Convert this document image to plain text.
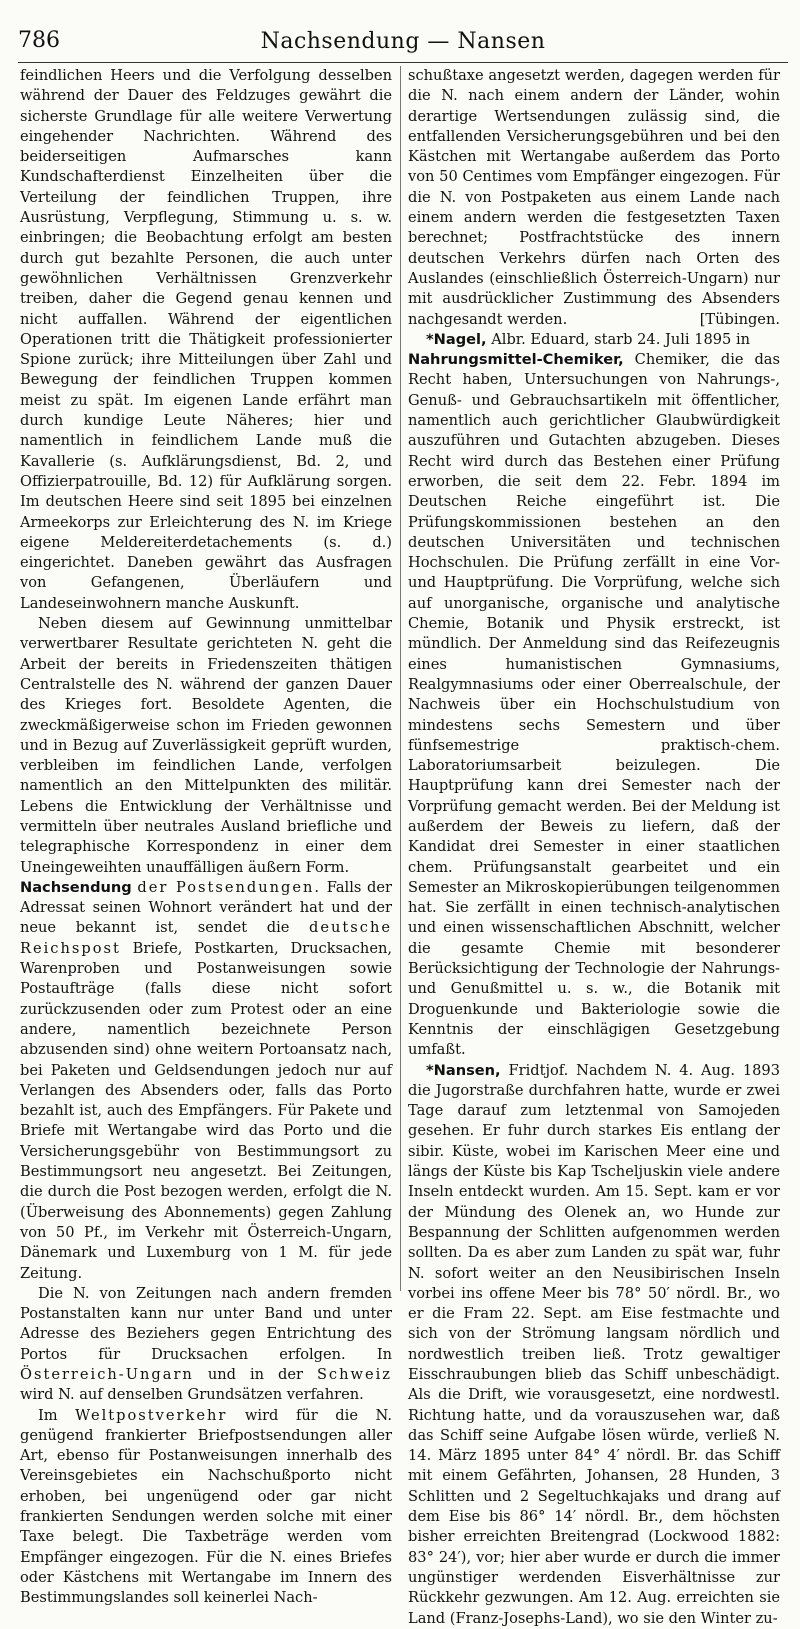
786	Nachsendung — Nansen

feindlichen Heers und die Verfolgung desselben während der Dauer des Feldzuges gewährt die sicherste Grundlage für alle weitere Verwertung eingehender Nachrichten. Während des beiderseitigen Aufmarsches kann Kundschafterdienst Einzelheiten über die Verteilung der feindlichen Truppen, ihre Ausrüstung, Verpflegung, Stimmung u. s. w. einbringen; die Beobachtung erfolgt am besten durch gut bezahlte Personen, die auch unter gewöhnlichen Verhältnissen Grenzverkehr treiben, daher die Gegend genau kennen und nicht auffallen. Während der eigentlichen Operationen tritt die Thätigkeit professionierter Spione zurück; ihre Mitteilungen über Zahl und Bewegung der feindlichen Truppen kommen meist zu spät. Im eigenen Lande erfährt man durch kundige Leute Näheres; hier und namentlich in feindlichem Lande muß die Kavallerie (s. Aufklärungsdienst, Bd. 2, und Offizierpatrouille, Bd. 12) für Aufklärung sorgen. Im deutschen Heere sind seit 1895 bei einzelnen Armeekorps zur Erleichterung des N. im Kriege eigene Meldereiterdetachements (s. d.) eingerichtet. Daneben gewährt das Ausfragen von Gefangenen, Überläufern und Landeseinwohnern manche Auskunft.

Neben diesem auf Gewinnung unmittelbar verwertbarer Resultate gerichteten N. geht die Arbeit der bereits in Friedenszeiten thätigen Centralstelle des N. während der ganzen Dauer des Krieges fort. Besoldete Agenten, die zweckmäßigerweise schon im Frieden gewonnen und in Bezug auf Zuverlässigkeit geprüft wurden, verbleiben im feindlichen Lande, verfolgen namentlich an den Mittelpunkten des militär. Lebens die Entwicklung der Verhältnisse und vermitteln über neutrales Ausland briefliche und telegraphische Korrespondenz in einer dem Uneingeweihten unauffälligen äußern Form.

Nachsendung der Postsendungen. Falls der Adressat seinen Wohnort verändert hat und der neue bekannt ist, sendet die deutsche Reichspost Briefe, Postkarten, Drucksachen, Warenproben und Postanweisungen sowie Postaufträge (falls diese nicht sofort zurückzusenden oder zum Protest oder an eine andere, namentlich bezeichnete Person abzusenden sind) ohne weitern Portoansatz nach, bei Paketen und Geldsendungen jedoch nur auf Verlangen des Absenders oder, falls das Porto bezahlt ist, auch des Empfängers. Für Pakete und Briefe mit Wertangabe wird das Porto und die Versicherungsgebühr von Bestimmungsort zu Bestimmungsort neu angesetzt. Bei Zeitungen, die durch die Post bezogen werden, erfolgt die N. (Überweisung des Abonnements) gegen Zahlung von 50 Pf., im Verkehr mit Österreich-Ungarn, Dänemark und Luxemburg von 1 M. für jede Zeitung.

Die N. von Zeitungen nach andern fremden Postanstalten kann nur unter Band und unter Adresse des Beziehers gegen Entrichtung des Portos für Drucksachen erfolgen. In Österreich-Ungarn und in der Schweiz wird N. auf denselben Grundsätzen verfahren.

Im Weltpostverkehr wird für die N. genügend frankierter Briefpostsendungen aller Art, ebenso für Postanweisungen innerhalb des Vereinsgebietes ein Nachschußporto nicht erhoben, bei ungenügend oder gar nicht frankierten Sendungen werden solche mit einer Taxe belegt. Die Taxbeträge werden vom Empfänger eingezogen. Für die N. eines Briefes oder Kästchens mit Wertangabe im Innern des Bestimmungslandes soll keinerlei Nach-

schußtaxe angesetzt werden, dagegen werden für die N. nach einem andern der Länder, wohin derartige Wertsendungen zulässig sind, die entfallenden Versicherungsgebühren und bei den Kästchen mit Wertangabe außerdem das Porto von 50 Centimes vom Empfänger eingezogen. Für die N. von Postpaketen aus einem Lande nach einem andern werden die festgesetzten Taxen berechnet; Postfrachtstücke des innern deutschen Verkehrs dürfen nach Orten des Auslandes (einschließlich Österreich-Ungarn) nur mit ausdrücklicher Zustimmung des Absenders nachgesandt werden.	[Tübingen.

*Nagel, Albr. Eduard, starb 24. Juli 1895 in

Nahrungsmittel-Chemiker, Chemiker, die das Recht haben, Untersuchungen von Nahrungs-, Genuß- und Gebrauchsartikeln mit öffentlicher, namentlich auch gerichtlicher Glaubwürdigkeit auszuführen und Gutachten abzugeben. Dieses Recht wird durch das Bestehen einer Prüfung erworben, die seit dem 22. Febr. 1894 im Deutschen Reiche eingeführt ist. Die Prüfungskommissionen bestehen an den deutschen Universitäten und technischen Hochschulen. Die Prüfung zerfällt in eine Vor- und Hauptprüfung. Die Vorprüfung, welche sich auf unorganische, organische und analytische Chemie, Botanik und Physik erstreckt, ist mündlich. Der Anmeldung sind das Reifezeugnis eines humanistischen Gymnasiums, Realgymnasiums oder einer Oberrealschule, der Nachweis über ein Hochschulstudium von mindestens sechs Semestern und über fünfsemestrige praktisch-chem. Laboratoriumsarbeit beizulegen. Die Hauptprüfung kann drei Semester nach der Vorprüfung gemacht werden. Bei der Meldung ist außerdem der Beweis zu liefern, daß der Kandidat drei Semester in einer staatlichen chem. Prüfungsanstalt gearbeitet und ein Semester an Mikroskopierübungen teilgenommen hat. Sie zerfällt in einen technisch-analytischen und einen wissenschaftlichen Abschnitt, welcher die gesamte Chemie mit besonderer Berücksichtigung der Technologie der Nahrungs- und Genußmittel u. s. w., die Botanik mit Droguenkunde und Bakteriologie sowie die Kenntnis der einschlägigen Gesetzgebung umfaßt.

*Nansen, Fridtjof. Nachdem N. 4. Aug. 1893 die Jugorstraße durchfahren hatte, wurde er zwei Tage darauf zum letztenmal von Samojeden gesehen. Er fuhr durch starkes Eis entlang der sibir. Küste, wobei im Karischen Meer eine und längs der Küste bis Kap Tscheljuskin viele andere Inseln entdeckt wurden. Am 15. Sept. kam er vor der Mündung des Olenek an, wo Hunde zur Bespannung der Schlitten aufgenommen werden sollten. Da es aber zum Landen zu spät war, fuhr N. sofort weiter an den Neusibirischen Inseln vorbei ins offene Meer bis 78° 50′ nördl. Br., wo er die Fram 22. Sept. am Eise festmachte und sich von der Strömung langsam nördlich und nordwestlich treiben ließ. Trotz gewaltiger Eisschraubungen blieb das Schiff unbeschädigt. Als die Drift, wie vorausgesetzt, eine nordwestl. Richtung hatte, und da vorauszusehen war, daß das Schiff seine Aufgabe lösen würde, verließ N. 14. März 1895 unter 84° 4′ nördl. Br. das Schiff mit einem Gefährten, Johansen, 28 Hunden, 3 Schlitten und 2 Segeltuchkajaks und drang auf dem Eise bis 86° 14′ nördl. Br., dem höchsten bisher erreichten Breitengrad (Lockwood 1882: 83° 24′), vor; hier aber wurde er durch die immer ungünstiger werdenden Eisverhältnisse zur Rückkehr gezwungen. Am 12. Aug. erreichten sie Land (Franz-Josephs-Land), wo sie den Winter zu-
